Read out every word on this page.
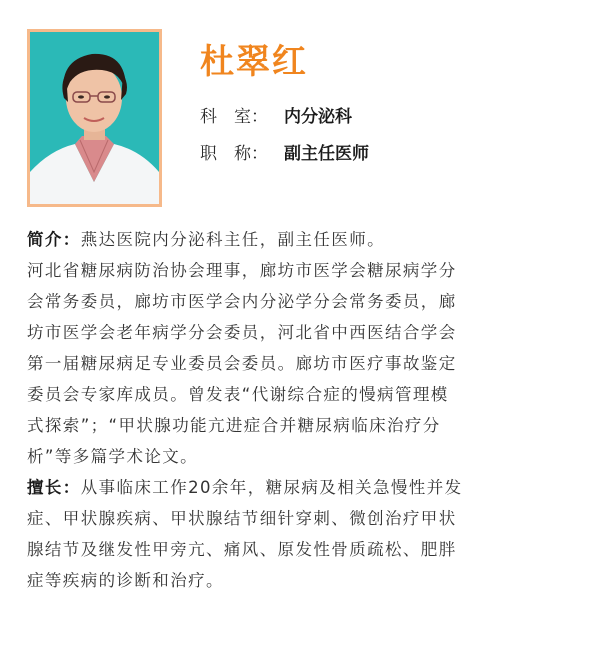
杜翠红
科　室： 内分泌科
职　称： 副主任医师
简介：燕达医院内分泌科主任，副主任医师。
河北省糖尿病防治协会理事，廊坊市医学会糖尿病学分
会常务委员，廊坊市医学会内分泌学分会常务委员，廊
坊市医学会老年病学分会委员，河北省中西医结合学会
第一届糖尿病足专业委员会委员。廊坊市医疗事故鉴定
委员会专家库成员。曾发表“代谢综合症的慢病管理模
式探索”；“甲状腺功能亢进症合并糖尿病临床治疗分
析”等多篇学术论文。
擅长：从事临床工作20余年，糖尿病及相关急慢性并发
症、甲状腺疾病、甲状腺结节细针穿刺、微创治疗甲状
腺结节及继发性甲旁亢、痛风、原发性骨质疏松、肥胖
症等疾病的诊断和治疗。
